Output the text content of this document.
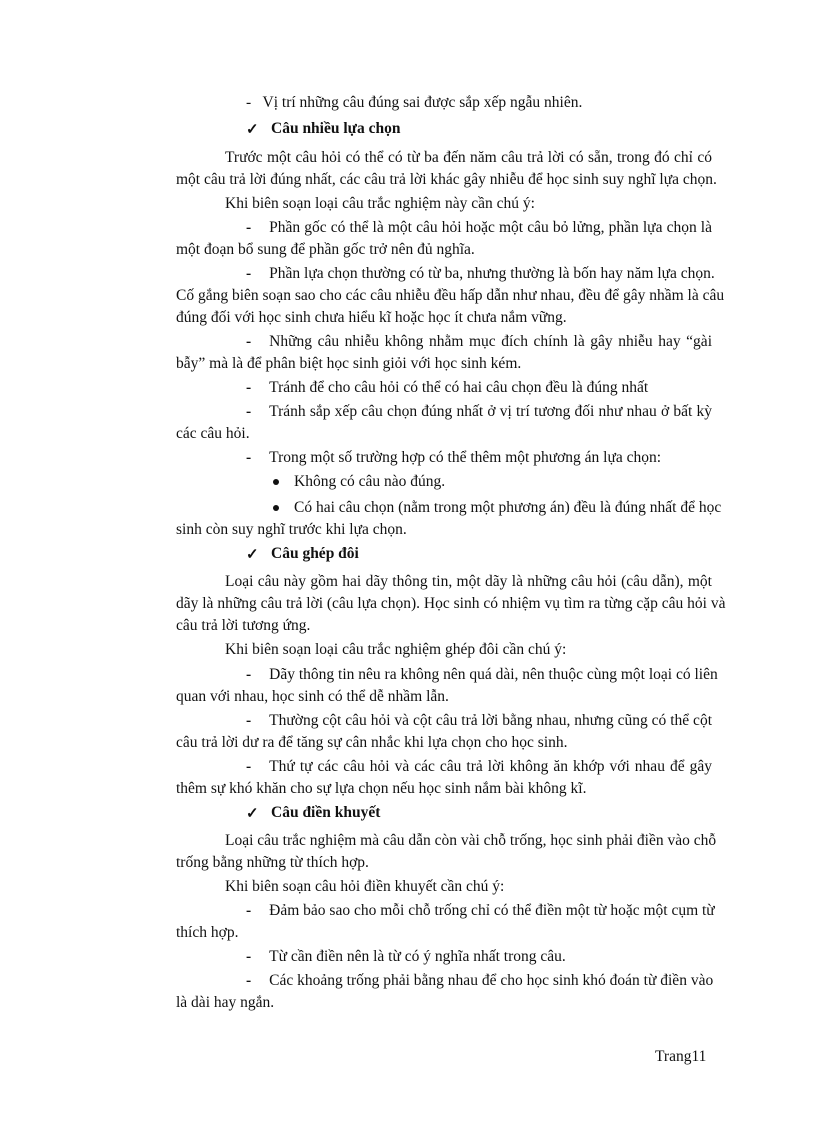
-   Vị trí những câu đúng sai được sắp xếp ngẫu nhiên.
✓ Câu nhiều lựa chọn
Trước một câu hỏi có thể có từ ba đến năm câu trả lời có sẵn, trong đó chỉ có
một câu trả lời đúng nhất, các câu trả lời khác gây nhiễu để học sinh suy nghĩ lựa chọn.
Khi biên soạn loại câu trắc nghiệm này cần chú ý:
- Phần gốc có thể là một câu hỏi hoặc một câu bỏ lửng, phần lựa chọn là
một đoạn bổ sung để phần gốc trở nên đủ nghĩa.
- Phần lựa chọn thường có từ ba, nhưng thường là bốn hay năm lựa chọn.
Cố gắng biên soạn sao cho các câu nhiễu đều hấp dẫn như nhau, đều để gây nhầm là câu
đúng đối với học sinh chưa hiểu kĩ hoặc học ít chưa nắm vững.
- Những câu nhiễu không nhằm mục đích chính là gây nhiễu hay “gài
bẫy” mà là để phân biệt học sinh giỏi với học sinh kém.
- Tránh để cho câu hỏi có thể có hai câu chọn đều là đúng nhất
- Tránh sắp xếp câu chọn đúng nhất ở vị trí tương đối như nhau ở bất kỳ
các câu hỏi.
- Trong một số trường hợp có thể thêm một phương án lựa chọn:
Không có câu nào đúng.
Có hai câu chọn (nằm trong một phương án) đều là đúng nhất để học
sinh còn suy nghĩ trước khi lựa chọn.
✓ Câu ghép đôi
Loại câu này gồm hai dãy thông tin, một dãy là những câu hỏi (câu dẫn), một
dãy là những câu trả lời (câu lựa chọn). Học sinh có nhiệm vụ tìm ra từng cặp câu hỏi và
câu trả lời tương ứng.
Khi biên soạn loại câu trắc nghiệm ghép đôi cần chú ý:
- Dãy thông tin nêu ra không nên quá dài, nên thuộc cùng một loại có liên
quan với nhau, học sinh có thể dễ nhầm lẫn.
- Thường cột câu hỏi và cột câu trả lời bằng nhau, nhưng cũng có thể cột
câu trả lời dư ra để tăng sự cân nhắc khi lựa chọn cho học sinh.
- Thứ tự các câu hỏi và các câu trả lời không ăn khớp với nhau để gây
thêm sự khó khăn cho sự lựa chọn nếu học sinh nắm bài không kĩ.
✓ Câu điền khuyết
Loại câu trắc nghiệm mà câu dẫn còn vài chỗ trống, học sinh phải điền vào chỗ
trống bằng những từ thích hợp.
Khi biên soạn câu hỏi điền khuyết cần chú ý:
- Đảm bảo sao cho mỗi chỗ trống chỉ có thể điền một từ hoặc một cụm từ
thích hợp.
- Từ cần điền nên là từ có ý nghĩa nhất trong câu.
- Các khoảng trống phải bằng nhau để cho học sinh khó đoán từ điền vào
là dài hay ngắn.
Trang11
